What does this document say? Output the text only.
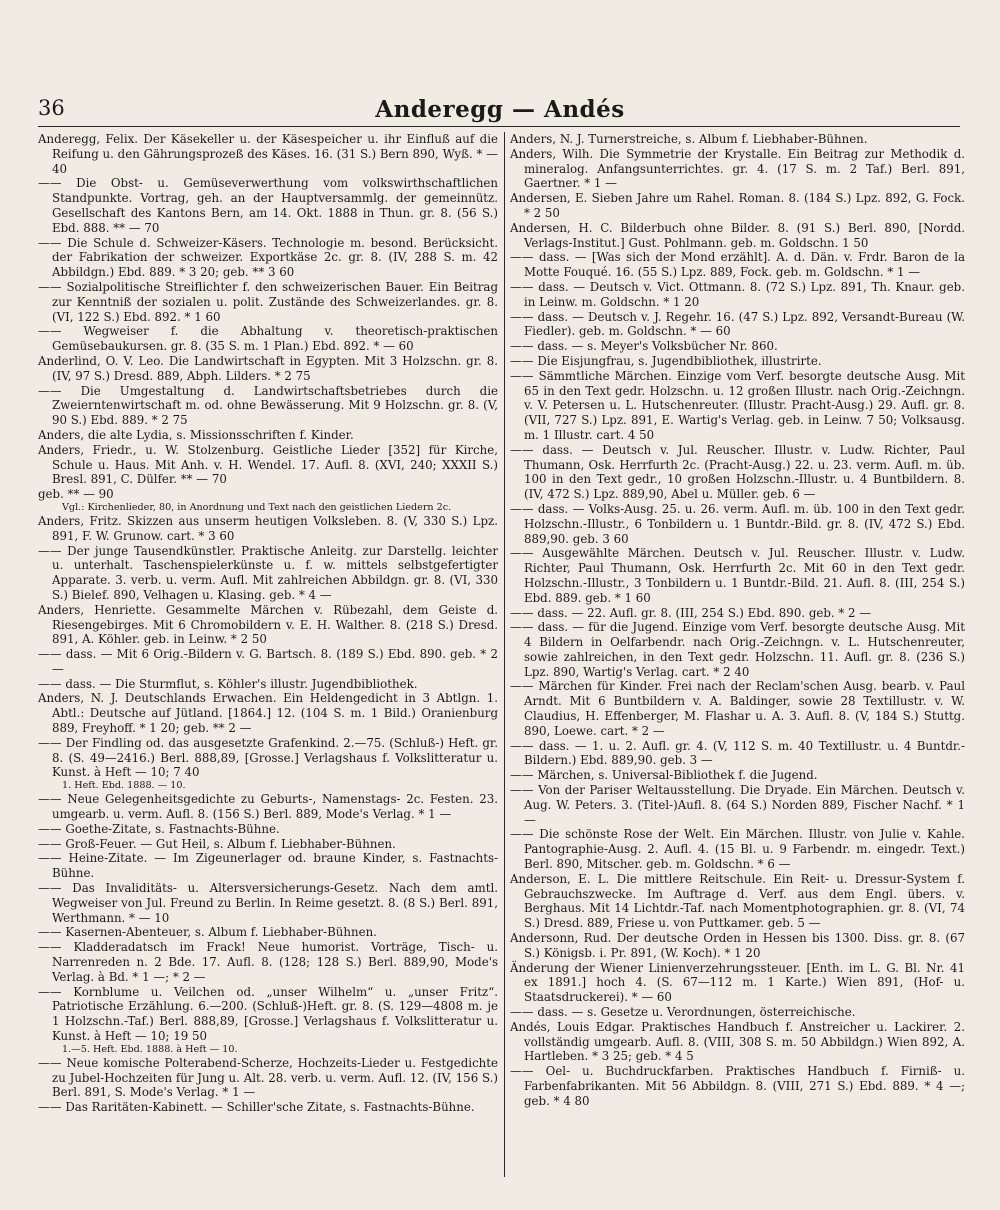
36	Anderegg — Andés
Anderegg, Felix. Der Käsekeller u. der Käsespeicher u. ihr Einfluß auf die Reifung u. den Gährungsprozeß des Käses. 16. (31 S.) Bern 890, Wyß. * — 40
—— Die Obst- u. Gemüseverwerthung vom volkswirthschaftlichen Standpunkte. Vortrag, geh. an der Hauptversammlg. der gemeinnütz. Gesellschaft des Kantons Bern, am 14. Okt. 1888 in Thun. gr. 8. (56 S.) Ebd. 888. ** — 70
—— Die Schule d. Schweizer-Käsers. Technologie m. besond. Berücksicht. der Fabrikation der schweizer. Exportkäse 2c. gr. 8. (IV, 288 S. m. 42 Abbildgn.) Ebd. 889. * 3 20; geb. ** 3 60
—— Sozialpolitische Streiflichter f. den schweizerischen Bauer. Ein Beitrag zur Kenntniß der sozialen u. polit. Zustände des Schweizerlandes. gr. 8. (VI, 122 S.) Ebd. 892. * 1 60
—— Wegweiser f. die Abhaltung v. theoretisch-praktischen Gemüsebaukursen. gr. 8. (35 S. m. 1 Plan.) Ebd. 892. * — 60
Anderlind, O. V. Leo. Die Landwirtschaft in Egypten. Mit 3 Holzschn. gr. 8. (IV, 97 S.) Dresd. 889, Abph. Lilders. * 2 75
—— Die Umgestaltung d. Landwirtschaftsbetriebes durch die Zweierntenwirtschaft m. od. ohne Bewässerung. Mit 9 Holzschn. gr. 8. (V, 90 S.) Ebd. 889. * 2 75
Anders, die alte Lydia, s. Missionsschriften f. Kinder.
Anders, Friedr., u. W. Stolzenburg. Geistliche Lieder [352] für Kirche, Schule u. Haus. Mit Anh. v. H. Wendel. 17. Aufl. 8. (XVI, 240; XXXII S.) Bresl. 891, C. Dülfer. ** — 70
geb. ** — 90
Vgl.: Kirchenlieder, 80, in Anordnung und Text nach den geistlichen Liedern 2c.
Anders, Fritz. Skizzen aus unserm heutigen Volksleben. 8. (V, 330 S.) Lpz. 891, F. W. Grunow. cart. * 3 60
—— Der junge Tausendkünstler. Praktische Anleitg. zur Darstellg. leichter u. unterhalt. Taschenspielerkünste u. f. w. mittels selbstgefertigter Apparate. 3. verb. u. verm. Aufl. Mit zahlreichen Abbildgn. gr. 8. (VI, 330 S.) Bielef. 890, Velhagen u. Klasing. geb. * 4 —
Anders, Henriette. Gesammelte Märchen v. Rübezahl, dem Geiste d. Riesengebirges. Mit 6 Chromobildern v. E. H. Walther. 8. (218 S.) Dresd. 891, A. Köhler. geb. in Leinw. * 2 50
—— dass. — Mit 6 Orig.-Bildern v. G. Bartsch. 8. (189 S.) Ebd. 890. geb. * 2 —
—— dass. — Die Sturmflut, s. Köhler's illustr. Jugendbibliothek.
Anders, N. J. Deutschlands Erwachen. Ein Heldengedicht in 3 Abtlgn. 1. Abtl.: Deutsche auf Jütland. [1864.] 12. (104 S. m. 1 Bild.) Oranienburg 889, Freyhoff. * 1 20; geb. ** 2 —
—— Der Findling od. das ausgesetzte Grafenkind. 2.—75. (Schluß-) Heft. gr. 8. (S. 49—2416.) Berl. 888,89, [Grosse.] Verlagshaus f. Volkslitteratur u. Kunst. à Heft — 10; 7 40
1. Heft. Ebd. 1888. — 10.
—— Neue Gelegenheitsgedichte zu Geburts-, Namenstags- 2c. Festen. 23. umgearb. u. verm. Aufl. 8. (156 S.) Berl. 889, Mode's Verlag. * 1 —
—— Goethe-Zitate, s. Fastnachts-Bühne.
—— Groß-Feuer. — Gut Heil, s. Album f. Liebhaber-Bühnen.
—— Heine-Zitate. — Im Zigeunerlager od. braune Kinder, s. Fastnachts-Bühne.
—— Das Invaliditäts- u. Altersversicherungs-Gesetz. Nach dem amtl. Wegweiser von Jul. Freund zu Berlin. In Reime gesetzt. 8. (8 S.) Berl. 891, Werthmann. * — 10
—— Kasernen-Abenteuer, s. Album f. Liebhaber-Bühnen.
—— Kladderadatsch im Frack! Neue humorist. Vorträge, Tisch- u. Narrenreden n. 2 Bde. 17. Aufl. 8. (128; 128 S.) Berl. 889,90, Mode's Verlag. à Bd. * 1 —; * 2 —
—— Kornblume u. Veilchen od. „unser Wilhelm“ u. „unser Fritz“. Patriotische Erzählung. 6.—200. (Schluß-)Heft. gr. 8. (S. 129—4808 m. je 1 Holzschn.-Taf.) Berl. 888,89, [Grosse.] Verlagshaus f. Volkslitteratur u. Kunst. à Heft — 10; 19 50
1.—5. Heft. Ebd. 1888. à Heft — 10.
—— Neue komische Polterabend-Scherze, Hochzeits-Lieder u. Festgedichte zu Jubel-Hochzeiten für Jung u. Alt. 28. verb. u. verm. Aufl. 12. (IV, 156 S.) Berl. 891, S. Mode's Verlag. * 1 —
—— Das Raritäten-Kabinett. — Schiller'sche Zitate, s. Fastnachts-Bühne.
Anders, N. J. Turnerstreiche, s. Album f. Liebhaber-Bühnen.
Anders, Wilh. Die Symmetrie der Krystalle. Ein Beitrag zur Methodik d. mineralog. Anfangsunterrichtes. gr. 4. (17 S. m. 2 Taf.) Berl. 891, Gaertner. * 1 —
Andersen, E. Sieben Jahre um Rahel. Roman. 8. (184 S.) Lpz. 892, G. Fock. * 2 50
Andersen, H. C. Bilderbuch ohne Bilder. 8. (91 S.) Berl. 890, [Nordd. Verlags-Institut.] Gust. Pohlmann. geb. m. Goldschn. 1 50
—— dass. — [Was sich der Mond erzählt]. A. d. Dän. v. Frdr. Baron de la Motte Fouqué. 16. (55 S.) Lpz. 889, Fock. geb. m. Goldschn. * 1 —
—— dass. — Deutsch v. Vict. Ottmann. 8. (72 S.) Lpz. 891, Th. Knaur. geb. in Leinw. m. Goldschn. * 1 20
—— dass. — Deutsch v. J. Regehr. 16. (47 S.) Lpz. 892, Versandt-Bureau (W. Fiedler). geb. m. Goldschn. * — 60
—— dass. — s. Meyer's Volksbücher Nr. 860.
—— Die Eisjungfrau, s. Jugendbibliothek, illustrirte.
—— Sämmtliche Märchen. Einzige vom Verf. besorgte deutsche Ausg. Mit 65 in den Text gedr. Holzschn. u. 12 großen Illustr. nach Orig.-Zeichngn. v. V. Petersen u. L. Hutschenreuter. (Illustr. Pracht-Ausg.) 29. Aufl. gr. 8. (VII, 727 S.) Lpz. 891, E. Wartig's Verlag. geb. in Leinw. 7 50; Volksausg. m. 1 Illustr. cart. 4 50
—— dass. — Deutsch v. Jul. Reuscher. Illustr. v. Ludw. Richter, Paul Thumann, Osk. Herrfurth 2c. (Pracht-Ausg.) 22. u. 23. verm. Aufl. m. üb. 100 in den Text gedr., 10 großen Holzschn.-Illustr. u. 4 Buntbildern. 8. (IV, 472 S.) Lpz. 889,90, Abel u. Müller. geb. 6 —
—— dass. — Volks-Ausg. 25. u. 26. verm. Aufl. m. üb. 100 in den Text gedr. Holzschn.-Illustr., 6 Tonbildern u. 1 Buntdr.-Bild. gr. 8. (IV, 472 S.) Ebd. 889,90. geb. 3 60
—— Ausgewählte Märchen. Deutsch v. Jul. Reuscher. Illustr. v. Ludw. Richter, Paul Thumann, Osk. Herrfurth 2c. Mit 60 in den Text gedr. Holzschn.-Illustr., 3 Tonbildern u. 1 Buntdr.-Bild. 21. Aufl. 8. (III, 254 S.) Ebd. 889. geb. * 1 60
—— dass. — 22. Aufl. gr. 8. (III, 254 S.) Ebd. 890. geb. * 2 —
—— dass. — für die Jugend. Einzige vom Verf. besorgte deutsche Ausg. Mit 4 Bildern in Oelfarbendr. nach Orig.-Zeichngn. v. L. Hutschenreuter, sowie zahlreichen, in den Text gedr. Holzschn. 11. Aufl. gr. 8. (236 S.) Lpz. 890, Wartig's Verlag. cart. * 2 40
—— Märchen für Kinder. Frei nach der Reclam'schen Ausg. bearb. v. Paul Arndt. Mit 6 Buntbildern v. A. Baldinger, sowie 28 Textillustr. v. W. Claudius, H. Effenberger, M. Flashar u. A. 3. Aufl. 8. (V, 184 S.) Stuttg. 890, Loewe. cart. * 2 —
—— dass. — 1. u. 2. Aufl. gr. 4. (V, 112 S. m. 40 Textillustr. u. 4 Buntdr.-Bildern.) Ebd. 889,90. geb. 3 —
—— Märchen, s. Universal-Bibliothek f. die Jugend.
—— Von der Pariser Weltausstellung. Die Dryade. Ein Märchen. Deutsch v. Aug. W. Peters. 3. (Titel-)Aufl. 8. (64 S.) Norden 889, Fischer Nachf. * 1 —
—— Die schönste Rose der Welt. Ein Märchen. Illustr. von Julie v. Kahle. Pantographie-Ausg. 2. Aufl. 4. (15 Bl. u. 9 Farbendr. m. eingedr. Text.) Berl. 890, Mitscher. geb. m. Goldschn. * 6 —
Anderson, E. L. Die mittlere Reitschule. Ein Reit- u. Dressur-System f. Gebrauchszwecke. Im Auftrage d. Verf. aus dem Engl. übers. v. Berghaus. Mit 14 Lichtdr.-Taf. nach Momentphotographien. gr. 8. (VI, 74 S.) Dresd. 889, Friese u. von Puttkamer. geb. 5 —
Andersonn, Rud. Der deutsche Orden in Hessen bis 1300. Diss. gr. 8. (67 S.) Königsb. i. Pr. 891, (W. Koch). * 1 20
Änderung der Wiener Linienverzehrungssteuer. [Enth. im L. G. Bl. Nr. 41 ex 1891.] hoch 4. (S. 67—112 m. 1 Karte.) Wien 891, (Hof- u. Staatsdruckerei). * — 60
—— dass. — s. Gesetze u. Verordnungen, österreichische.
Andés, Louis Edgar. Praktisches Handbuch f. Anstreicher u. Lackirer. 2. vollständig umgearb. Aufl. 8. (VIII, 308 S. m. 50 Abbildgn.) Wien 892, A. Hartleben. * 3 25; geb. * 4 5
—— Oel- u. Buchdruckfarben. Praktisches Handbuch f. Firniß- u. Farbenfabrikanten. Mit 56 Abbildgn. 8. (VIII, 271 S.) Ebd. 889. * 4 —; geb. * 4 80
